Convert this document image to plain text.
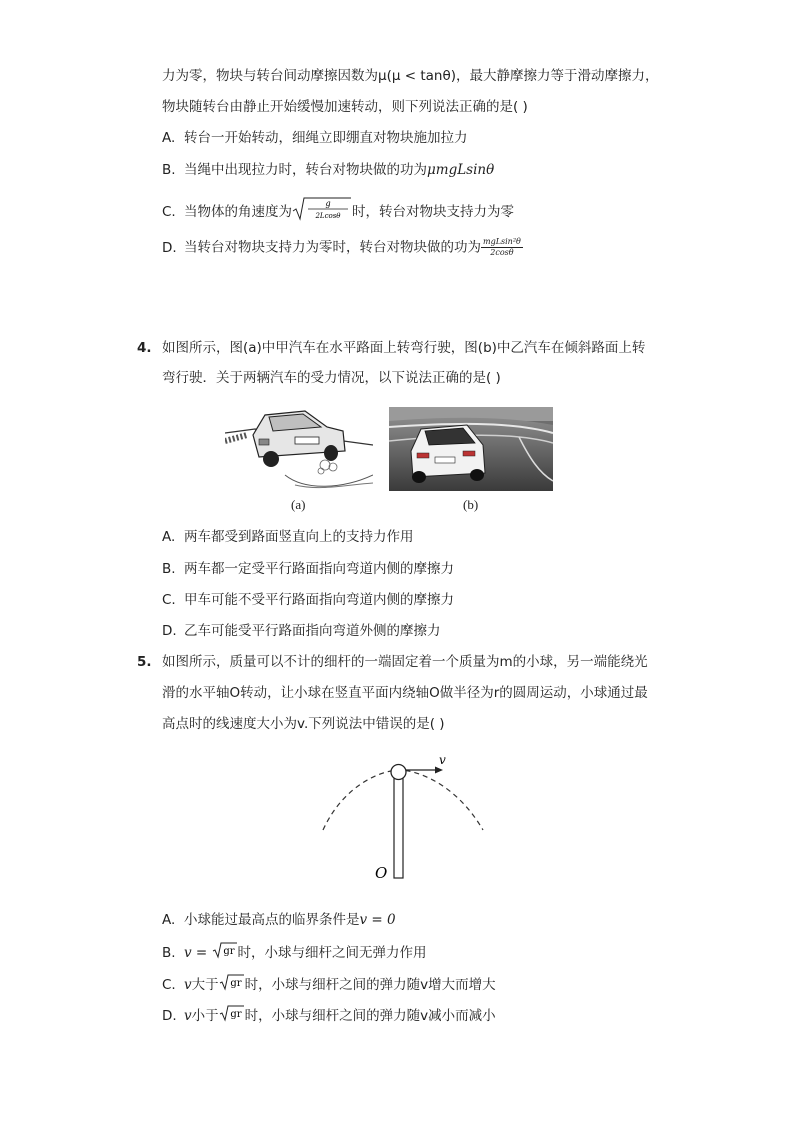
力为零，物块与转台间动摩擦因数为μ(μ < tanθ)，最大静摩擦力等于滑动摩擦力，
物块随转台由静止开始缓慢加速转动，则下列说法正确的是( )
A. 转台一开始转动，细绳立即绷直对物块施加拉力
B. 当绳中出现拉力时，转台对物块做的功为μmgLsinθ
C. 当物体的角速度为
g
2Lcosθ 时，转台对物块支持力为零
D. 当转台对物块支持力为零时，转台对物块做的功为 $\frac{\text{mgLsin²θ}}{2\cos\theta}$
4. 如图所示，图(a)中甲汽车在水平路面上转弯行驶，图(b)中乙汽车在倾斜路面上转
弯行驶．关于两辆汽车的受力情况，以下说法正确的是( )
(a)	(b)
A. 两车都受到路面竖直向上的支持力作用
B. 两车都一定受平行路面指向弯道内侧的摩擦力
C. 甲车可能不受平行路面指向弯道内侧的摩擦力
D. 乙车可能受平行路面指向弯道外侧的摩擦力
5. 如图所示，质量可以不计的细杆的一端固定着一个质量为m的小球，另一端能绕光
滑的水平轴O转动，让小球在竖直平面内绕轴O做半径为r的圆周运动，小球通过最
高点时的线速度大小为v.下列说法中错误的是( )
v
O
A. 小球能过最高点的临界条件是v = 0
B. v = gr 时，小球与细杆之间无弹力作用
C. v大于 gr 时，小球与细杆之间的弹力随v增大而增大
D. v小于 gr 时，小球与细杆之间的弹力随v减小而减小
